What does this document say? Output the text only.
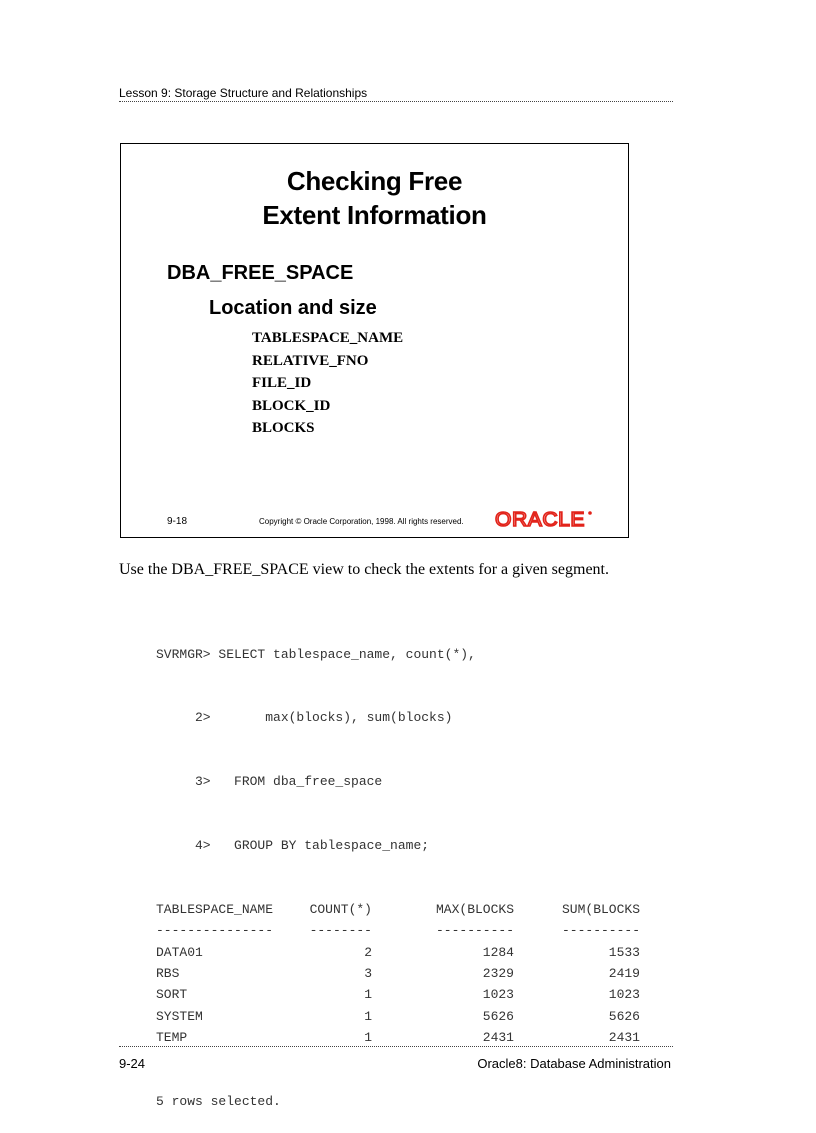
Lesson 9: Storage Structure and Relationships
Checking Free
Extent Information
DBA_FREE_SPACE
Location and size
TABLESPACE_NAME
RELATIVE_FNO
FILE_ID
BLOCK_ID
BLOCKS
9-18	Copyright © Oracle Corporation, 1998. All rights reserved. ORACLE
Use the DBA_FREE_SPACE view to check the extents for a given segment.

SVRMGR> SELECT tablespace_name, count(*),

2>       max(blocks), sum(blocks)

3>   FROM dba_free_space

4>   GROUP BY tablespace_name;

TABLESPACE_NAME	COUNT(*)	MAX(BLOCKS	SUM(BLOCKS
---------------	--------	----------	----------
DATA01	2	1284	1533
RBS	3	2329	2419
SORT	1	1023	1023
SYSTEM	1	5626	5626
TEMP	1	2431	2431

5 rows selected.

9-24	Oracle8: Database Administration
